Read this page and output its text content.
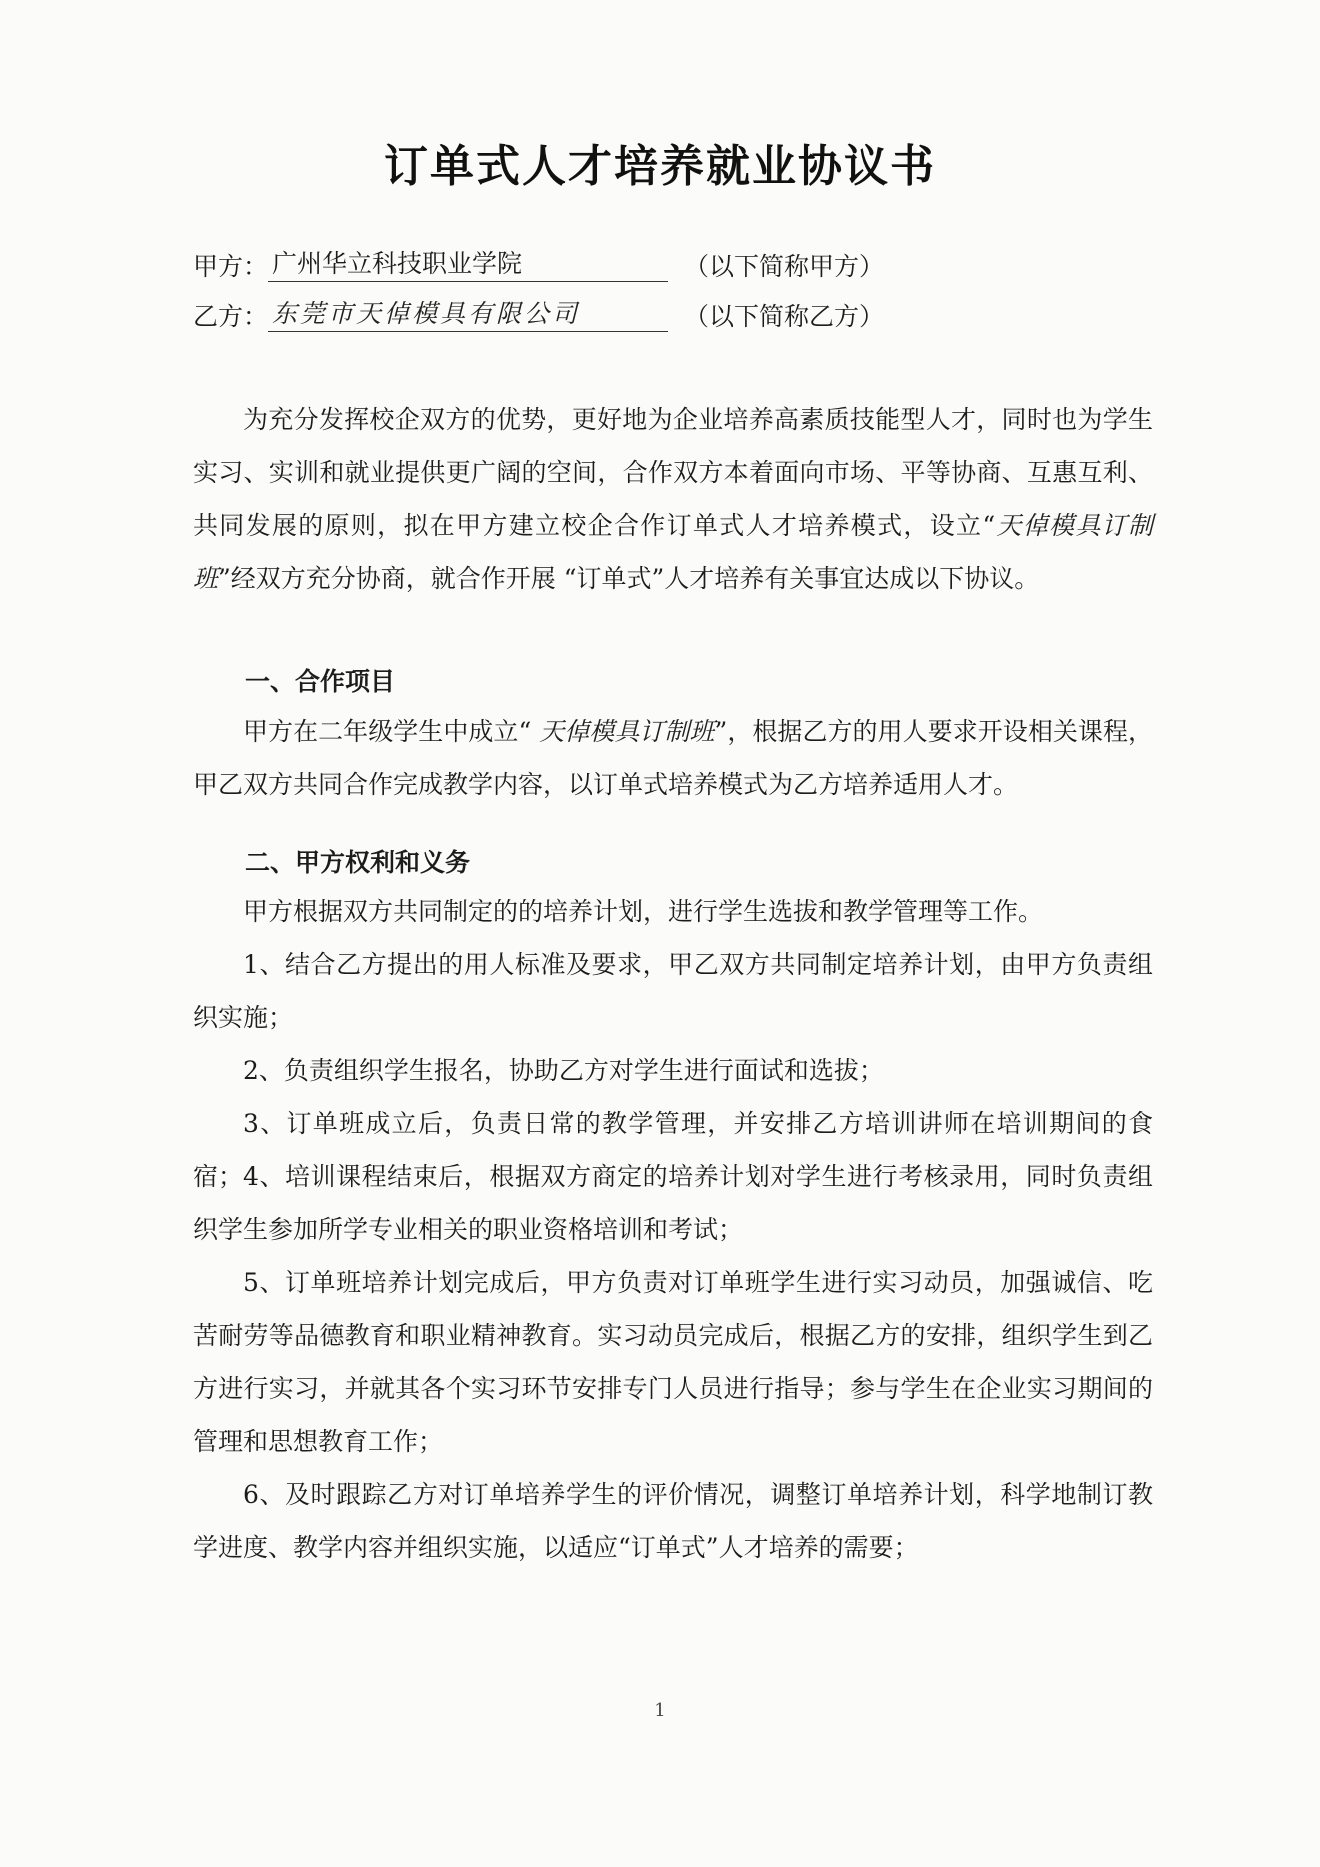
订单式人才培养就业协议书
甲方： 广州华立科技职业学院	（以下简称甲方）
乙方： 东莞市天倬模具有限公司	（以下简称乙方）
为充分发挥校企双方的优势，更好地为企业培养高素质技能型人才，同时也为学生实习、实训和就业提供更广阔的空间，合作双方本着面向市场、平等协商、互惠互利、共同发展的原则，拟在甲方建立校企合作订单式人才培养模式，设立“天倬模具订制班”经双方充分协商，就合作开展 “订单式”人才培养有关事宜达成以下协议。
一、合作项目
甲方在二年级学生中成立“ 天倬模具订制班”，根据乙方的用人要求开设相关课程，甲乙双方共同合作完成教学内容，以订单式培养模式为乙方培养适用人才。
二、甲方权利和义务
甲方根据双方共同制定的的培养计划，进行学生选拔和教学管理等工作。
1、结合乙方提出的用人标准及要求，甲乙双方共同制定培养计划，由甲方负责组织实施；
2、负责组织学生报名，协助乙方对学生进行面试和选拔；
3、订单班成立后，负责日常的教学管理，并安排乙方培训讲师在培训期间的食宿； 4、培训课程结束后，根据双方商定的培养计划对学生进行考核录用，同时负责组织学生参加所学专业相关的职业资格培训和考试；
5、订单班培养计划完成后，甲方负责对订单班学生进行实习动员，加强诚信、吃苦耐劳等品德教育和职业精神教育。实习动员完成后，根据乙方的安排，组织学生到乙方进行实习，并就其各个实习环节安排专门人员进行指导；参与学生在企业实习期间的管理和思想教育工作；
6、及时跟踪乙方对订单培养学生的评价情况，调整订单培养计划，科学地制订教学进度、教学内容并组织实施，以适应“订单式”人才培养的需要；
1
